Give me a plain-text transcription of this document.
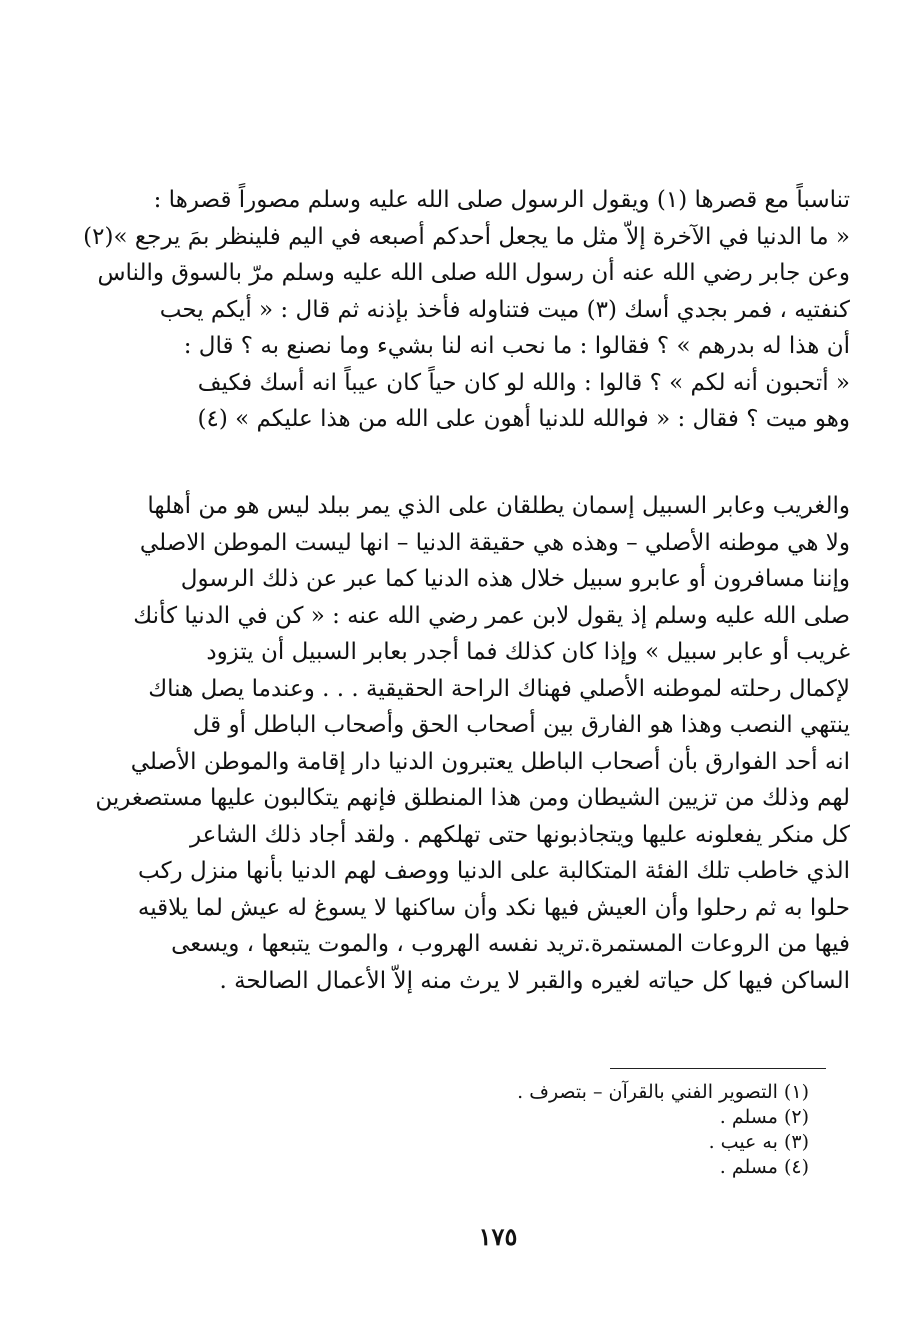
تناسباً مع قصرها (١) ويقول الرسول صلى الله عليه وسلم مصوراً قصرها :
« ما الدنيا في الآخرة إلاّ مثل ما يجعل أحدكم أصبعه في اليم فلينظر بمَ يرجع »(٢)
وعن جابر رضي الله عنه أن رسول الله صلى الله عليه وسلم مرّ بالسوق والناس
كنفتيه ، فمر بجدي أسك (٣) ميت فتناوله فأخذ بإذنه ثم قال : « أيكم يحب
أن هذا له بدرهم » ؟ فقالوا : ما نحب انه لنا بشيء وما نصنع به ؟ قال :
« أتحبون أنه لكم » ؟ قالوا : والله لو كان حياً كان عيباً انه أسك فكيف
وهو ميت ؟ فقال : « فوالله للدنيا أهون على الله من هذا عليكم » (٤)
والغريب وعابر السبيل إسمان يطلقان على الذي يمر ببلد ليس هو من أهلها
ولا هي موطنه الأصلي – وهذه هي حقيقة الدنيا – انها ليست الموطن الاصلي
وإننا مسافرون أو عابرو سبيل خلال هذه الدنيا كما عبر عن ذلك الرسول
صلى الله عليه وسلم إذ يقول لابن عمر رضي الله عنه : « كن في الدنيا كأنك
غريب أو عابر سبيل » وإذا كان كذلك فما أجدر بعابر السبيل أن يتزود
لإكمال رحلته لموطنه الأصلي فهناك الراحة الحقيقية . . . وعندما يصل هناك
ينتهي النصب وهذا هو الفارق بين أصحاب الحق وأصحاب الباطل أو قل
انه أحد الفوارق بأن أصحاب الباطل يعتبرون الدنيا دار إقامة والموطن الأصلي
لهم وذلك من تزيين الشيطان ومن هذا المنطلق فإنهم يتكالبون عليها مستصغرين
كل منكر يفعلونه عليها ويتجاذبونها حتى تهلكهم . ولقد أجاد ذلك الشاعر
الذي خاطب تلك الفئة المتكالبة على الدنيا ووصف لهم الدنيا بأنها منزل ركب
حلوا به ثم رحلوا وأن العيش فيها نكد وأن ساكنها لا يسوغ له عيش لما يلاقيه
فيها من الروعات المستمرة.تريد نفسه الهروب ، والموت يتبعها ، ويسعى
الساكن فيها كل حياته لغيره والقبر لا يرث منه إلاّ الأعمال الصالحة .
(١) التصوير الفني بالقرآن – بتصرف .
(٢) مسلم .
(٣) به عيب .
(٤) مسلم .
١٧٥
